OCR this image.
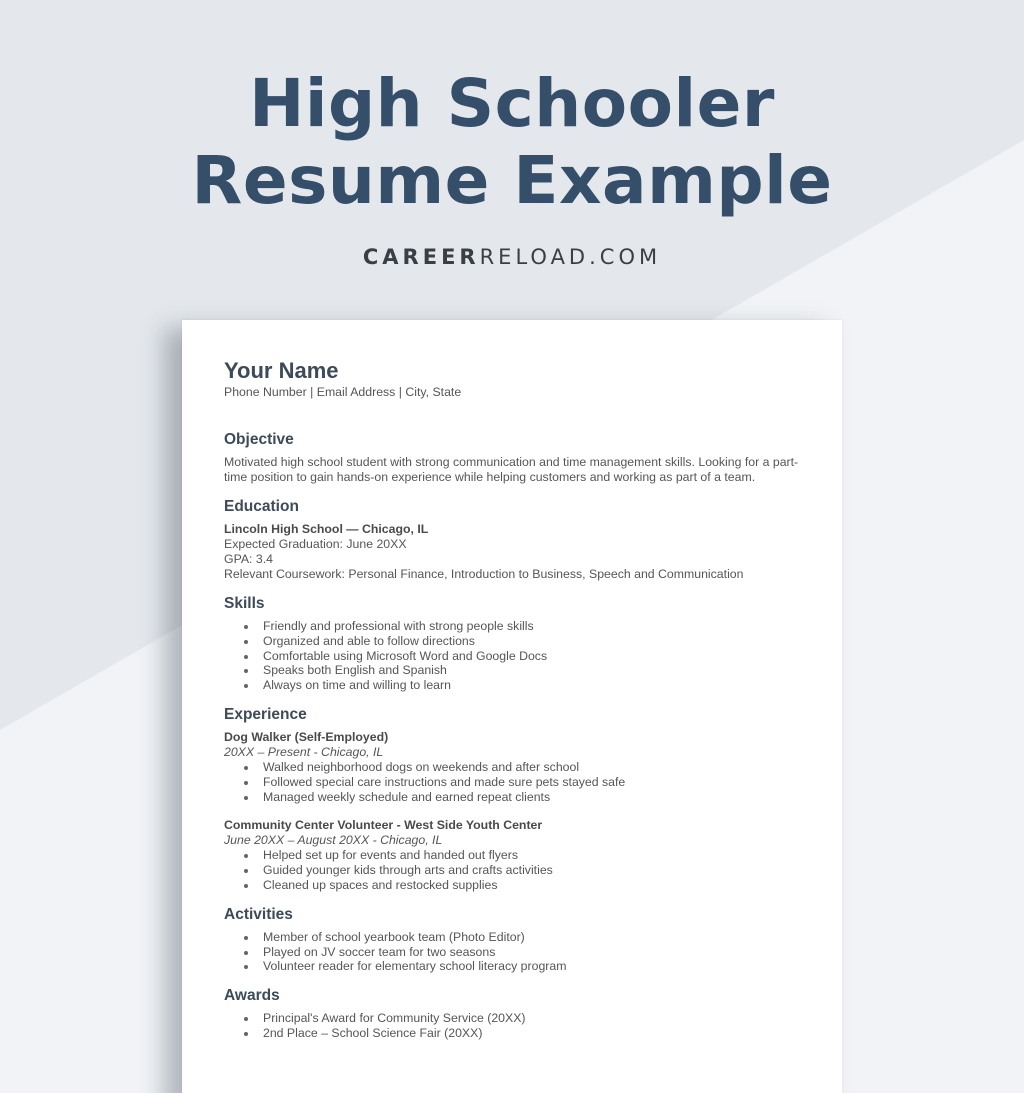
High Schooler
Resume Example
CAREERRELOAD.COM
Your Name
Phone Number | Email Address | City, State
Objective

Motivated high school student with strong communication and time management skills. Looking for a part-time position to gain hands-on experience while helping customers and working as part of a team.

Education
Lincoln High School — Chicago, IL
Expected Graduation: June 20XX
GPA: 3.4
Relevant Coursework: Personal Finance, Introduction to Business, Speech and Communication
Skills
Friendly and professional with strong people skills
Organized and able to follow directions
Comfortable using Microsoft Word and Google Docs
Speaks both English and Spanish
Always on time and willing to learn
Experience
Dog Walker (Self-Employed)
20XX – Present - Chicago, IL
Walked neighborhood dogs on weekends and after school
Followed special care instructions and made sure pets stayed safe
Managed weekly schedule and earned repeat clients
Community Center Volunteer - West Side Youth Center
June 20XX – August 20XX - Chicago, IL
Helped set up for events and handed out flyers
Guided younger kids through arts and crafts activities
Cleaned up spaces and restocked supplies
Activities
Member of school yearbook team (Photo Editor)
Played on JV soccer team for two seasons
Volunteer reader for elementary school literacy program
Awards
Principal's Award for Community Service (20XX)
2nd Place – School Science Fair (20XX)
